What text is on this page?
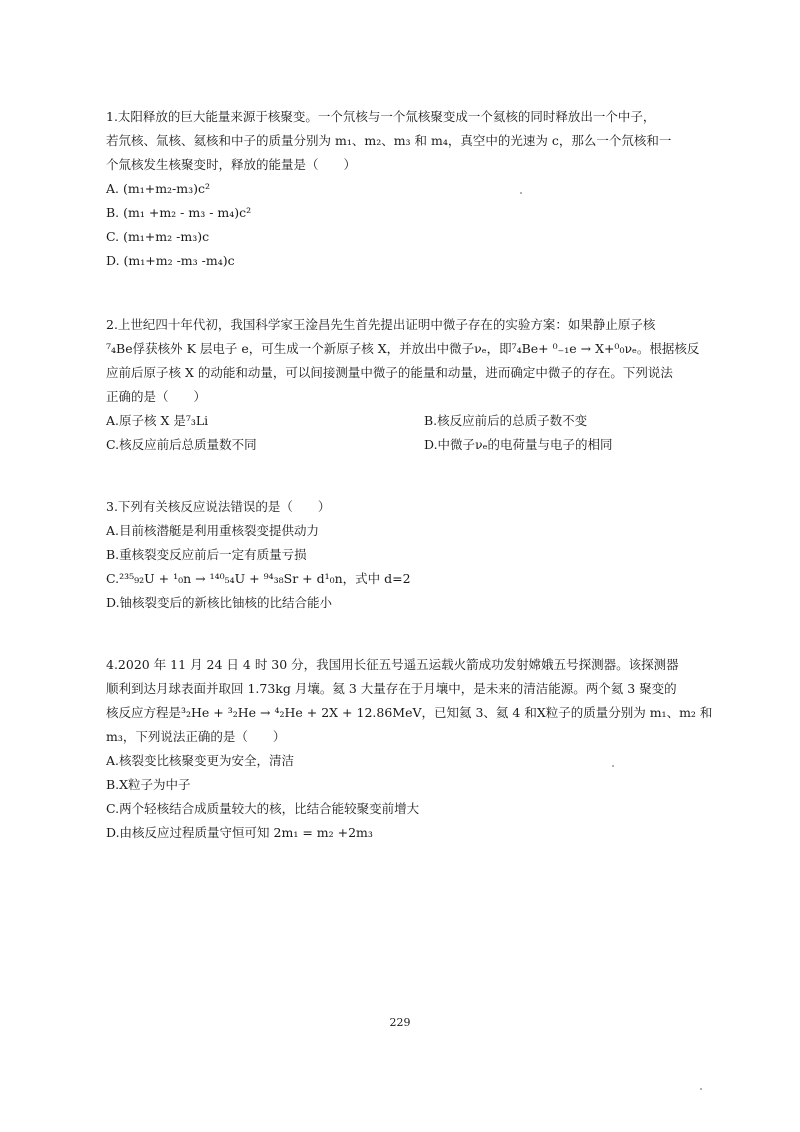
1.太阳释放的巨大能量来源于核聚变。一个氘核与一个氚核聚变成一个氦核的同时释放出一个中子，
若氘核、氚核、氦核和中子的质量分别为 m₁、m₂、m₃ 和 m₄，真空中的光速为 c，那么一个氘核和一
个氚核发生核聚变时，释放的能量是（　　）
A. (m₁+m₂-m₃)c²
B. (m₁ +m₂ - m₃ - m₄)c²
C. (m₁+m₂ -m₃)c
D. (m₁+m₂ -m₃ -m₄)c
2.上世纪四十年代初，我国科学家王淦昌先生首先提出证明中微子存在的实验方案：如果静止原子核
⁷₄Be俘获核外 K 层电子 e，可生成一个新原子核 X，并放出中微子νₑ，即⁷₄Be+ ⁰₋₁e → X+⁰₀νₑ。根据核反
应前后原子核 X 的动能和动量，可以间接测量中微子的能量和动量，进而确定中微子的存在。下列说法
正确的是（　　）
A.原子核 X 是⁷₃Li	B.核反应前后的总质子数不变
C.核反应前后总质量数不同	D.中微子νₑ的电荷量与电子的相同
3.下列有关核反应说法错误的是（　　）
A.目前核潜艇是利用重核裂变提供动力
B.重核裂变反应前后一定有质量亏损
C.²³⁵₉₂U + ¹₀n → ¹⁴⁰₅₄U + ⁹⁴₃₈Sr + d¹₀n，式中 d=2
D.铀核裂变后的新核比铀核的比结合能小
4.2020 年 11 月 24 日 4 时 30 分，我国用长征五号遥五运载火箭成功发射嫦娥五号探测器。该探测器
顺利到达月球表面并取回 1.73kg 月壤。氦 3 大量存在于月壤中，是未来的清洁能源。两个氦 3 聚变的
核反应方程是³₂He + ³₂He → ⁴₂He + 2X + 12.86MeV，已知氦 3、氦 4 和X粒子的质量分别为 m₁、m₂ 和
m₃，下列说法正确的是（　　）
A.核裂变比核聚变更为安全，清洁
B.X粒子为中子
C.两个轻核结合成质量较大的核，比结合能较聚变前增大
D.由核反应过程质量守恒可知 2m₁ = m₂ +2m₃
229
